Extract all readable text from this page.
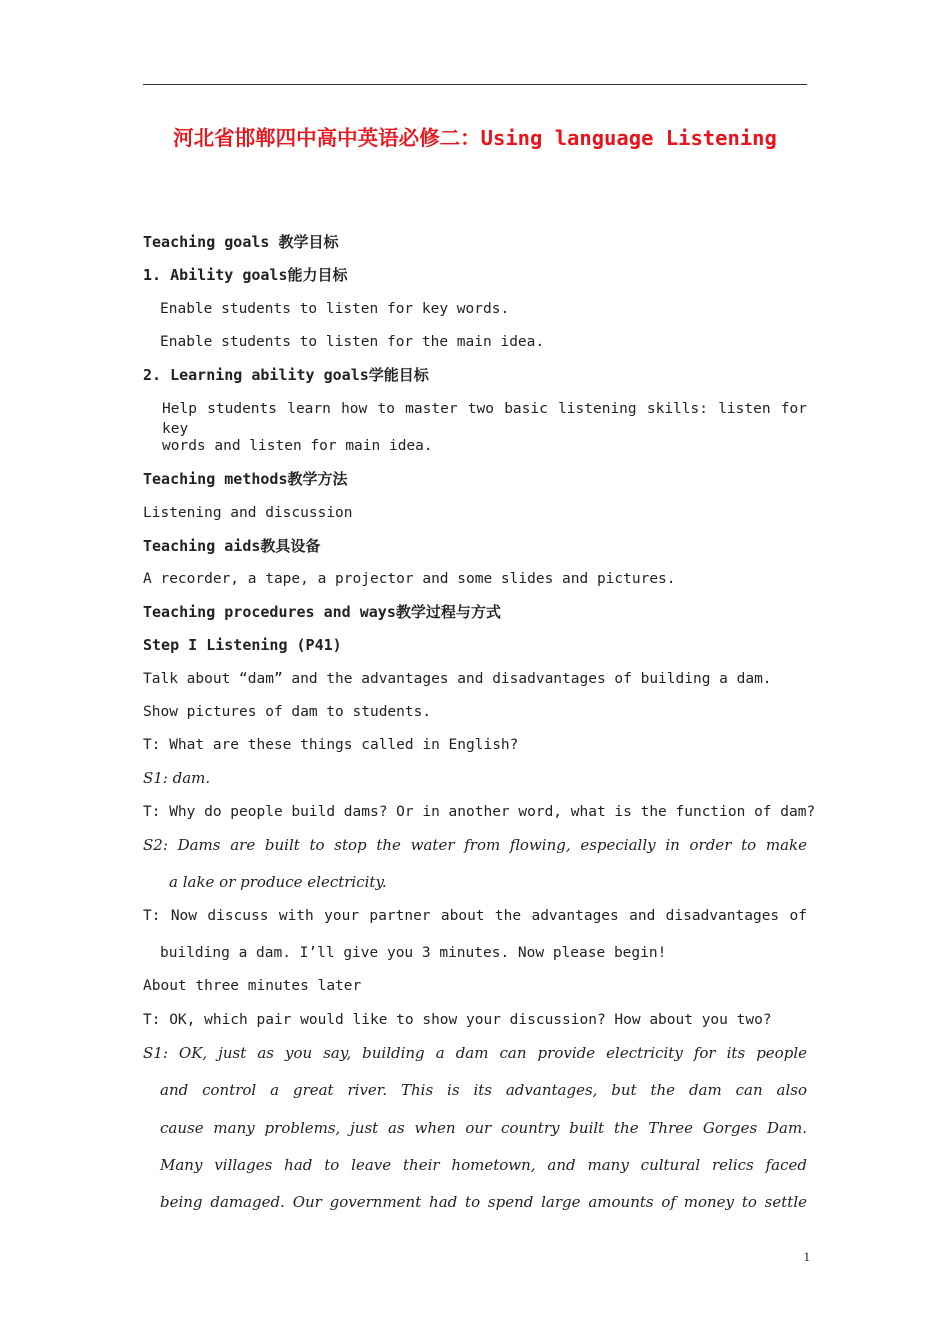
河北省邯郸四中高中英语必修二：Using language Listening
Teaching goals 教学目标
1. Ability goals能力目标
Enable students to listen for key words.
Enable students to listen for the main idea.
2. Learning ability goals学能目标
Help students learn how to master two basic listening skills: listen for key
words and listen for main idea.
Teaching methods教学方法
Listening and discussion
Teaching aids教具设备
A recorder, a tape, a projector and some slides and pictures.
Teaching procedures and ways教学过程与方式
Step I Listening (P41)
Talk about “dam” and the advantages and disadvantages of building a dam.
Show pictures of dam to students.
T: What are these things called in English?
S1: dam.
T: Why do people build dams? Or in another word, what is the function of dam?
S2: Dams are built to stop the water from flowing, especially in order to make
a lake or produce electricity.
T: Now discuss with your partner about the advantages and disadvantages of
building a dam. I’ll give you 3 minutes. Now please begin!
About three minutes later
T: OK, which pair would like to show your discussion? How about you two?
S1: OK, just as you say, building a dam can provide electricity for its people
and control a great river. This is its advantages, but the dam can also
cause many problems, just as when our country built the Three Gorges Dam.
Many villages had to leave their hometown, and many cultural relics faced
being damaged. Our government had to spend large amounts of money to settle
1
